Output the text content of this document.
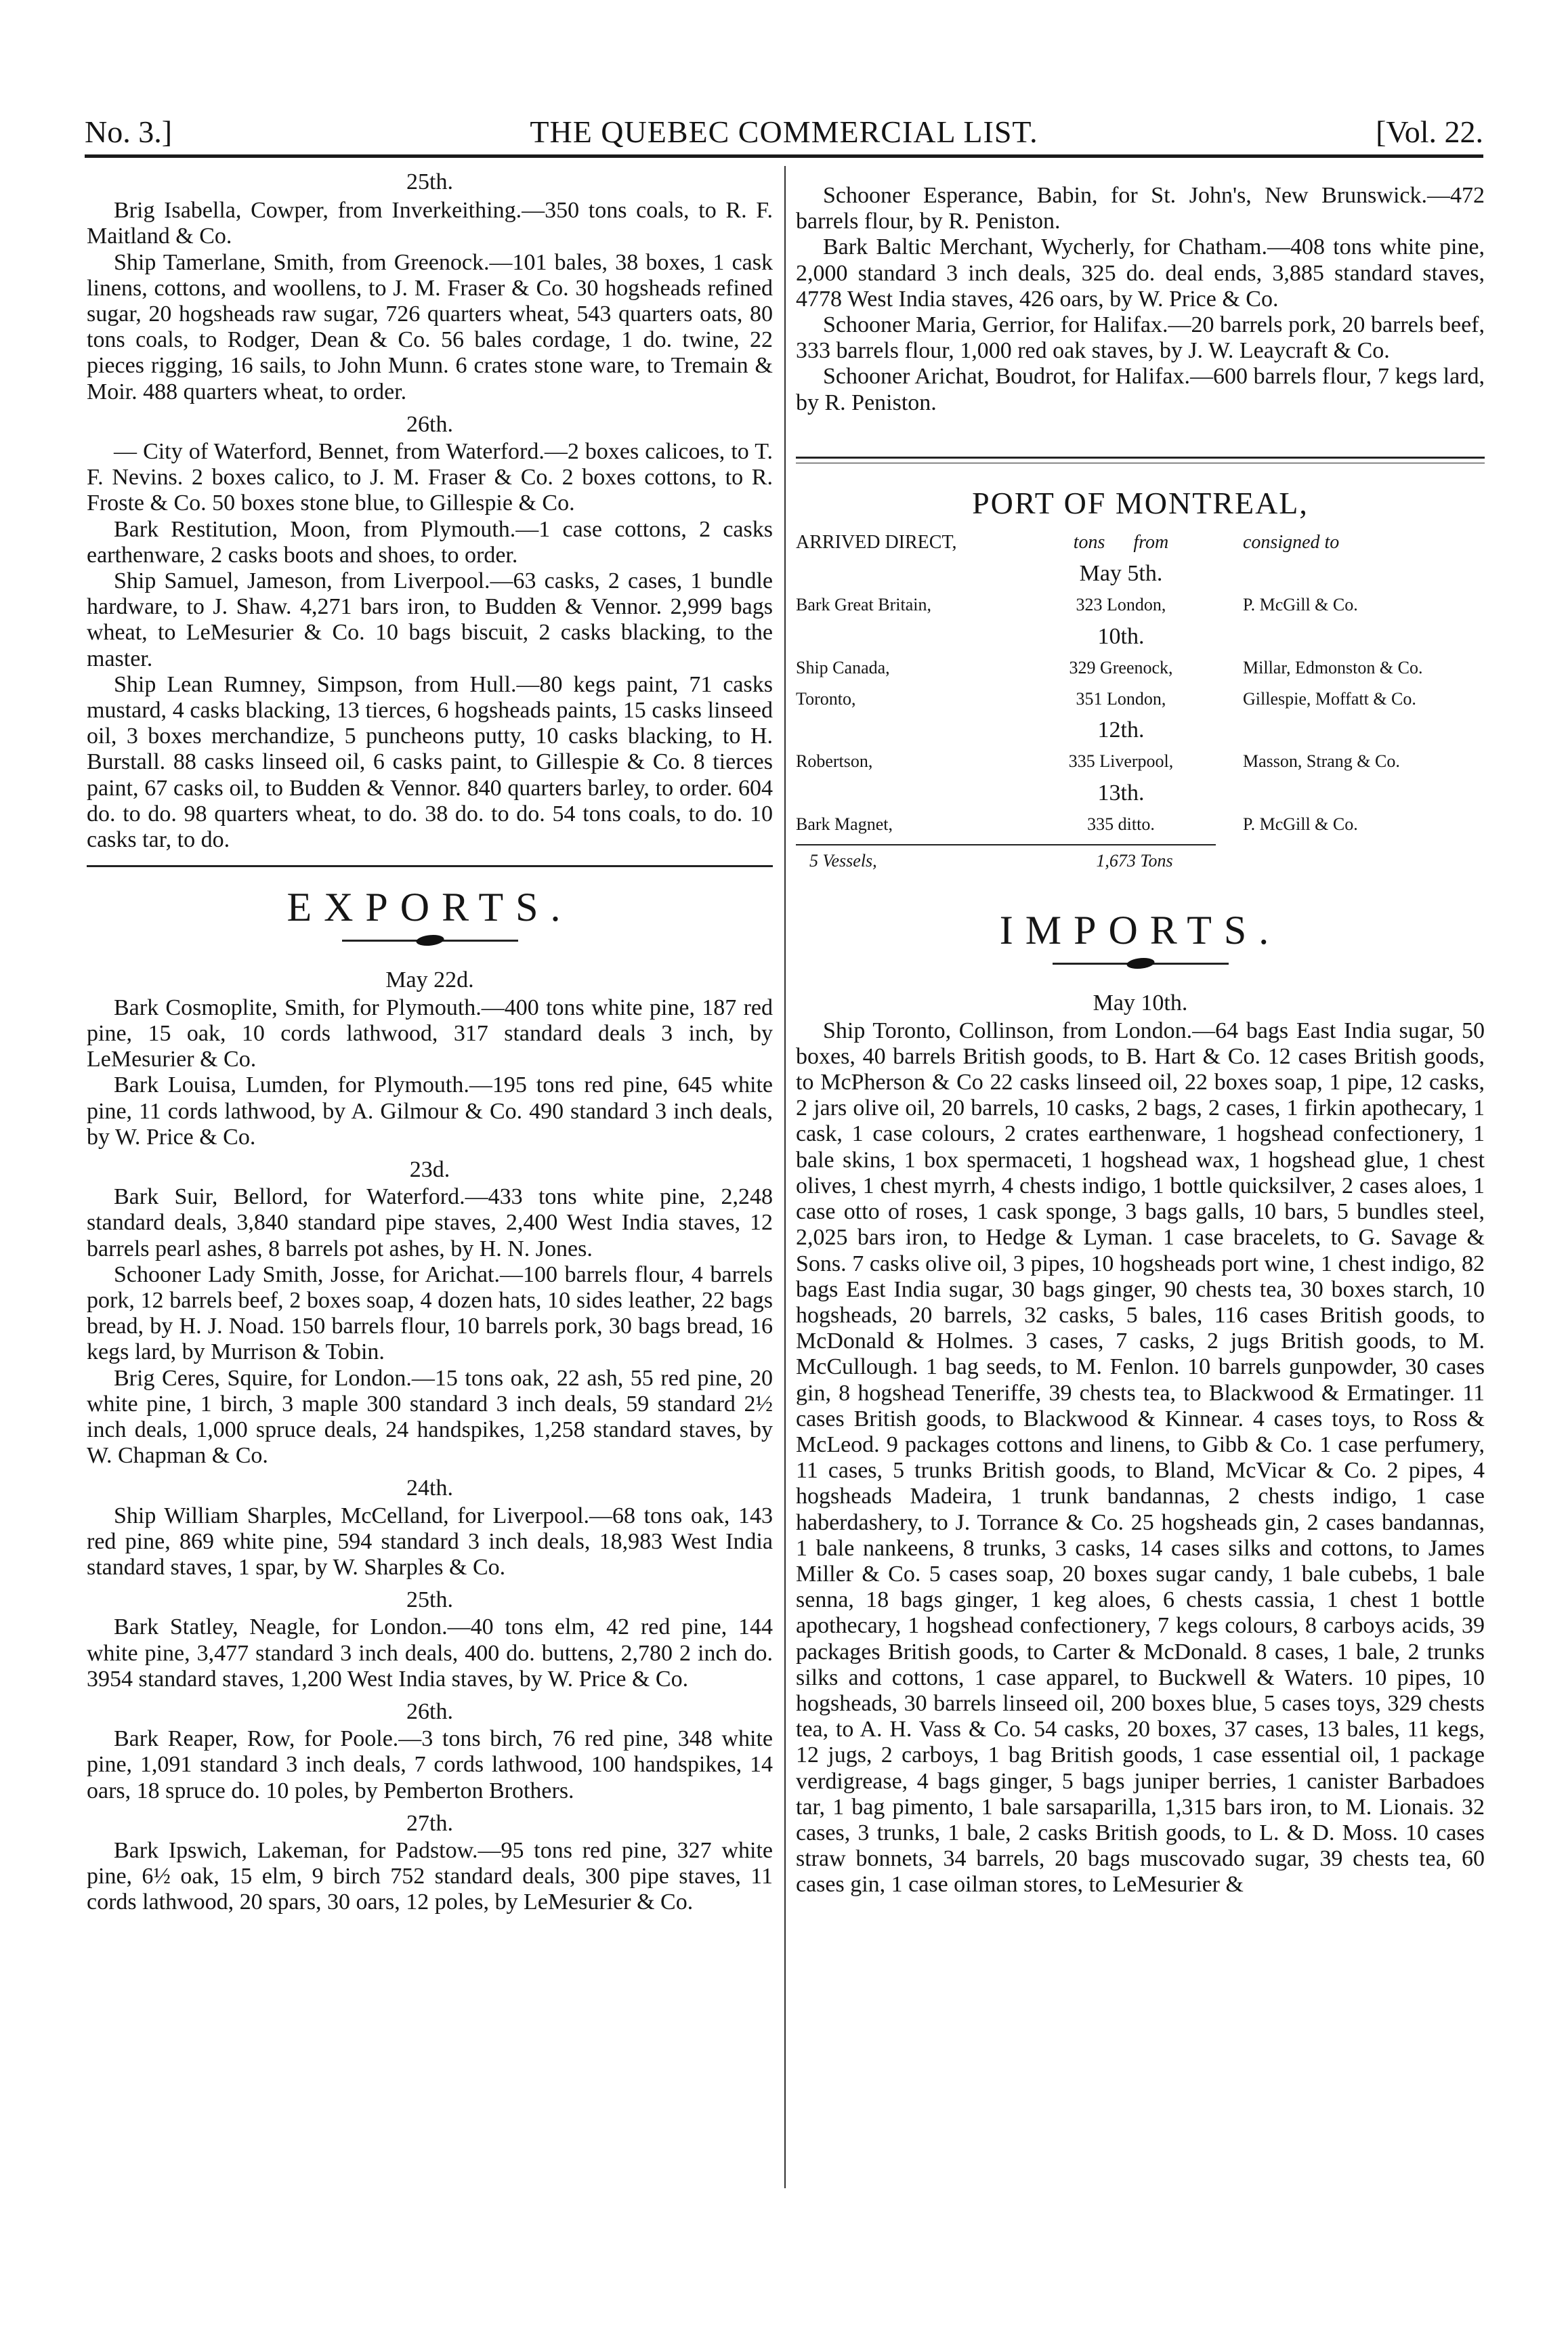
No. 3.]	THE QUEBEC COMMERCIAL LIST.	[Vol. 22.
25th.

Brig Isabella, Cowper, from Inverkeithing.—350 tons coals, to R. F. Maitland & Co.

Ship Tamerlane, Smith, from Greenock.—101 bales, 38 boxes, 1 cask linens, cottons, and woollens, to J. M. Fraser & Co. 30 hogsheads refined sugar, 20 hogsheads raw sugar, 726 quarters wheat, 543 quarters oats, 80 tons coals, to Rodger, Dean & Co. 56 bales cordage, 1 do. twine, 22 pieces rigging, 16 sails, to John Munn. 6 crates stone ware, to Tremain & Moir. 488 quarters wheat, to order.

26th.

— City of Waterford, Bennet, from Waterford.—2 boxes calicoes, to T. F. Nevins. 2 boxes calico, to J. M. Fraser & Co. 2 boxes cottons, to R. Froste & Co. 50 boxes stone blue, to Gillespie & Co.

Bark Restitution, Moon, from Plymouth.—1 case cottons, 2 casks earthenware, 2 casks boots and shoes, to order.

Ship Samuel, Jameson, from Liverpool.—63 casks, 2 cases, 1 bundle hardware, to J. Shaw. 4,271 bars iron, to Budden & Vennor. 2,999 bags wheat, to LeMesurier & Co. 10 bags biscuit, 2 casks blacking, to the master.

Ship Lean Rumney, Simpson, from Hull.—80 kegs paint, 71 casks mustard, 4 casks blacking, 13 tierces, 6 hogsheads paints, 15 casks linseed oil, 3 boxes merchandize, 5 puncheons putty, 10 casks blacking, to H. Burstall. 88 casks linseed oil, 6 casks paint, to Gillespie & Co. 8 tierces paint, 67 casks oil, to Budden & Vennor. 840 quarters barley, to order. 604 do. to do. 98 quarters wheat, to do. 38 do. to do. 54 tons coals, to do. 10 casks tar, to do.

EXPORTS.
May 22d.

Bark Cosmoplite, Smith, for Plymouth.—400 tons white pine, 187 red pine, 15 oak, 10 cords lathwood, 317 standard deals 3 inch, by LeMesurier & Co.

Bark Louisa, Lumden, for Plymouth.—195 tons red pine, 645 white pine, 11 cords lathwood, by A. Gilmour & Co. 490 standard 3 inch deals, by W. Price & Co.

23d.

Bark Suir, Bellord, for Waterford.—433 tons white pine, 2,248 standard deals, 3,840 standard pipe staves, 2,400 West India staves, 12 barrels pearl ashes, 8 barrels pot ashes, by H. N. Jones.

Schooner Lady Smith, Josse, for Arichat.—100 barrels flour, 4 barrels pork, 12 barrels beef, 2 boxes soap, 4 dozen hats, 10 sides leather, 22 bags bread, by H. J. Noad. 150 barrels flour, 10 barrels pork, 30 bags bread, 16 kegs lard, by Murrison & Tobin.

Brig Ceres, Squire, for London.—15 tons oak, 22 ash, 55 red pine, 20 white pine, 1 birch, 3 maple 300 standard 3 inch deals, 59 standard 2½ inch deals, 1,000 spruce deals, 24 handspikes, 1,258 standard staves, by W. Chapman & Co.

24th.

Ship William Sharples, McCelland, for Liverpool.—68 tons oak, 143 red pine, 869 white pine, 594 standard 3 inch deals, 18,983 West India standard staves, 1 spar, by W. Sharples & Co.

25th.

Bark Statley, Neagle, for London.—40 tons elm, 42 red pine, 144 white pine, 3,477 standard 3 inch deals, 400 do. buttens, 2,780 2 inch do. 3954 standard staves, 1,200 West India staves, by W. Price & Co.

26th.

Bark Reaper, Row, for Poole.—3 tons birch, 76 red pine, 348 white pine, 1,091 standard 3 inch deals, 7 cords lathwood, 100 handspikes, 14 oars, 18 spruce do. 10 poles, by Pemberton Brothers.

27th.

Bark Ipswich, Lakeman, for Padstow.—95 tons red pine, 327 white pine, 6½ oak, 15 elm, 9 birch 752 standard deals, 300 pipe staves, 11 cords lathwood, 20 spars, 30 oars, 12 poles, by LeMesurier & Co.

Schooner Esperance, Babin, for St. John's, New Brunswick.—472 barrels flour, by R. Peniston.

Bark Baltic Merchant, Wycherly, for Chatham.—408 tons white pine, 2,000 standard 3 inch deals, 325 do. deal ends, 3,885 standard staves, 4778 West India staves, 426 oars, by W. Price & Co.

Schooner Maria, Gerrior, for Halifax.—20 barrels pork, 20 barrels beef, 333 barrels flour, 1,000 red oak staves, by J. W. Leaycraft & Co.

Schooner Arichat, Boudrot, for Halifax.—600 barrels flour, 7 kegs lard, by R. Peniston.

PORT OF MONTREAL,
ARRIVED DIRECT,	tons from	consigned to
	May 5th.	
Bark Great Britain,	323 London,	P. McGill & Co.
	10th.	
Ship Canada,	329 Greenock,	Millar, Edmonston & Co.
Toronto,	351 London,	Gillespie, Moffatt & Co.
	12th.	
Robertson,	335 Liverpool,	Masson, Strang & Co.
	13th.	
Bark Magnet,	335 ditto.	P. McGill & Co.
5 Vessels,	1,673 Tons	
IMPORTS.
May 10th.

Ship Toronto, Collinson, from London.—64 bags East India sugar, 50 boxes, 40 barrels British goods, to B. Hart & Co. 12 cases British goods, to McPherson & Co 22 casks linseed oil, 22 boxes soap, 1 pipe, 12 casks, 2 jars olive oil, 20 barrels, 10 casks, 2 bags, 2 cases, 1 firkin apothecary, 1 cask, 1 case colours, 2 crates earthenware, 1 hogshead confectionery, 1 bale skins, 1 box spermaceti, 1 hogshead wax, 1 hogshead glue, 1 chest olives, 1 chest myrrh, 4 chests indigo, 1 bottle quicksilver, 2 cases aloes, 1 case otto of roses, 1 cask sponge, 3 bags galls, 10 bars, 5 bundles steel, 2,025 bars iron, to Hedge & Lyman. 1 case bracelets, to G. Savage & Sons. 7 casks olive oil, 3 pipes, 10 hogsheads port wine, 1 chest indigo, 82 bags East India sugar, 30 bags ginger, 90 chests tea, 30 boxes starch, 10 hogsheads, 20 barrels, 32 casks, 5 bales, 116 cases British goods, to McDonald & Holmes. 3 cases, 7 casks, 2 jugs British goods, to M. McCullough. 1 bag seeds, to M. Fenlon. 10 barrels gunpowder, 30 cases gin, 8 hogshead Teneriffe, 39 chests tea, to Blackwood & Ermatinger. 11 cases British goods, to Blackwood & Kinnear. 4 cases toys, to Ross & McLeod. 9 packages cottons and linens, to Gibb & Co. 1 case perfumery, 11 cases, 5 trunks British goods, to Bland, McVicar & Co. 2 pipes, 4 hogsheads Madeira, 1 trunk bandannas, 2 chests indigo, 1 case haberdashery, to J. Torrance & Co. 25 hogsheads gin, 2 cases bandannas, 1 bale nankeens, 8 trunks, 3 casks, 14 cases silks and cottons, to James Miller & Co. 5 cases soap, 20 boxes sugar candy, 1 bale cubebs, 1 bale senna, 18 bags ginger, 1 keg aloes, 6 chests cassia, 1 chest 1 bottle apothecary, 1 hogshead confectionery, 7 kegs colours, 8 carboys acids, 39 packages British goods, to Carter & McDonald. 8 cases, 1 bale, 2 trunks silks and cottons, 1 case apparel, to Buckwell & Waters. 10 pipes, 10 hogsheads, 30 barrels linseed oil, 200 boxes blue, 5 cases toys, 329 chests tea, to A. H. Vass & Co. 54 casks, 20 boxes, 37 cases, 13 bales, 11 kegs, 12 jugs, 2 carboys, 1 bag British goods, 1 case essential oil, 1 package verdigrease, 4 bags ginger, 5 bags juniper berries, 1 canister Barbadoes tar, 1 bag pimento, 1 bale sarsaparilla, 1,315 bars iron, to M. Lionais. 32 cases, 3 trunks, 1 bale, 2 casks British goods, to L. & D. Moss. 10 cases straw bonnets, 34 barrels, 20 bags muscovado sugar, 39 chests tea, 60 cases gin, 1 case oilman stores, to LeMesurier &
